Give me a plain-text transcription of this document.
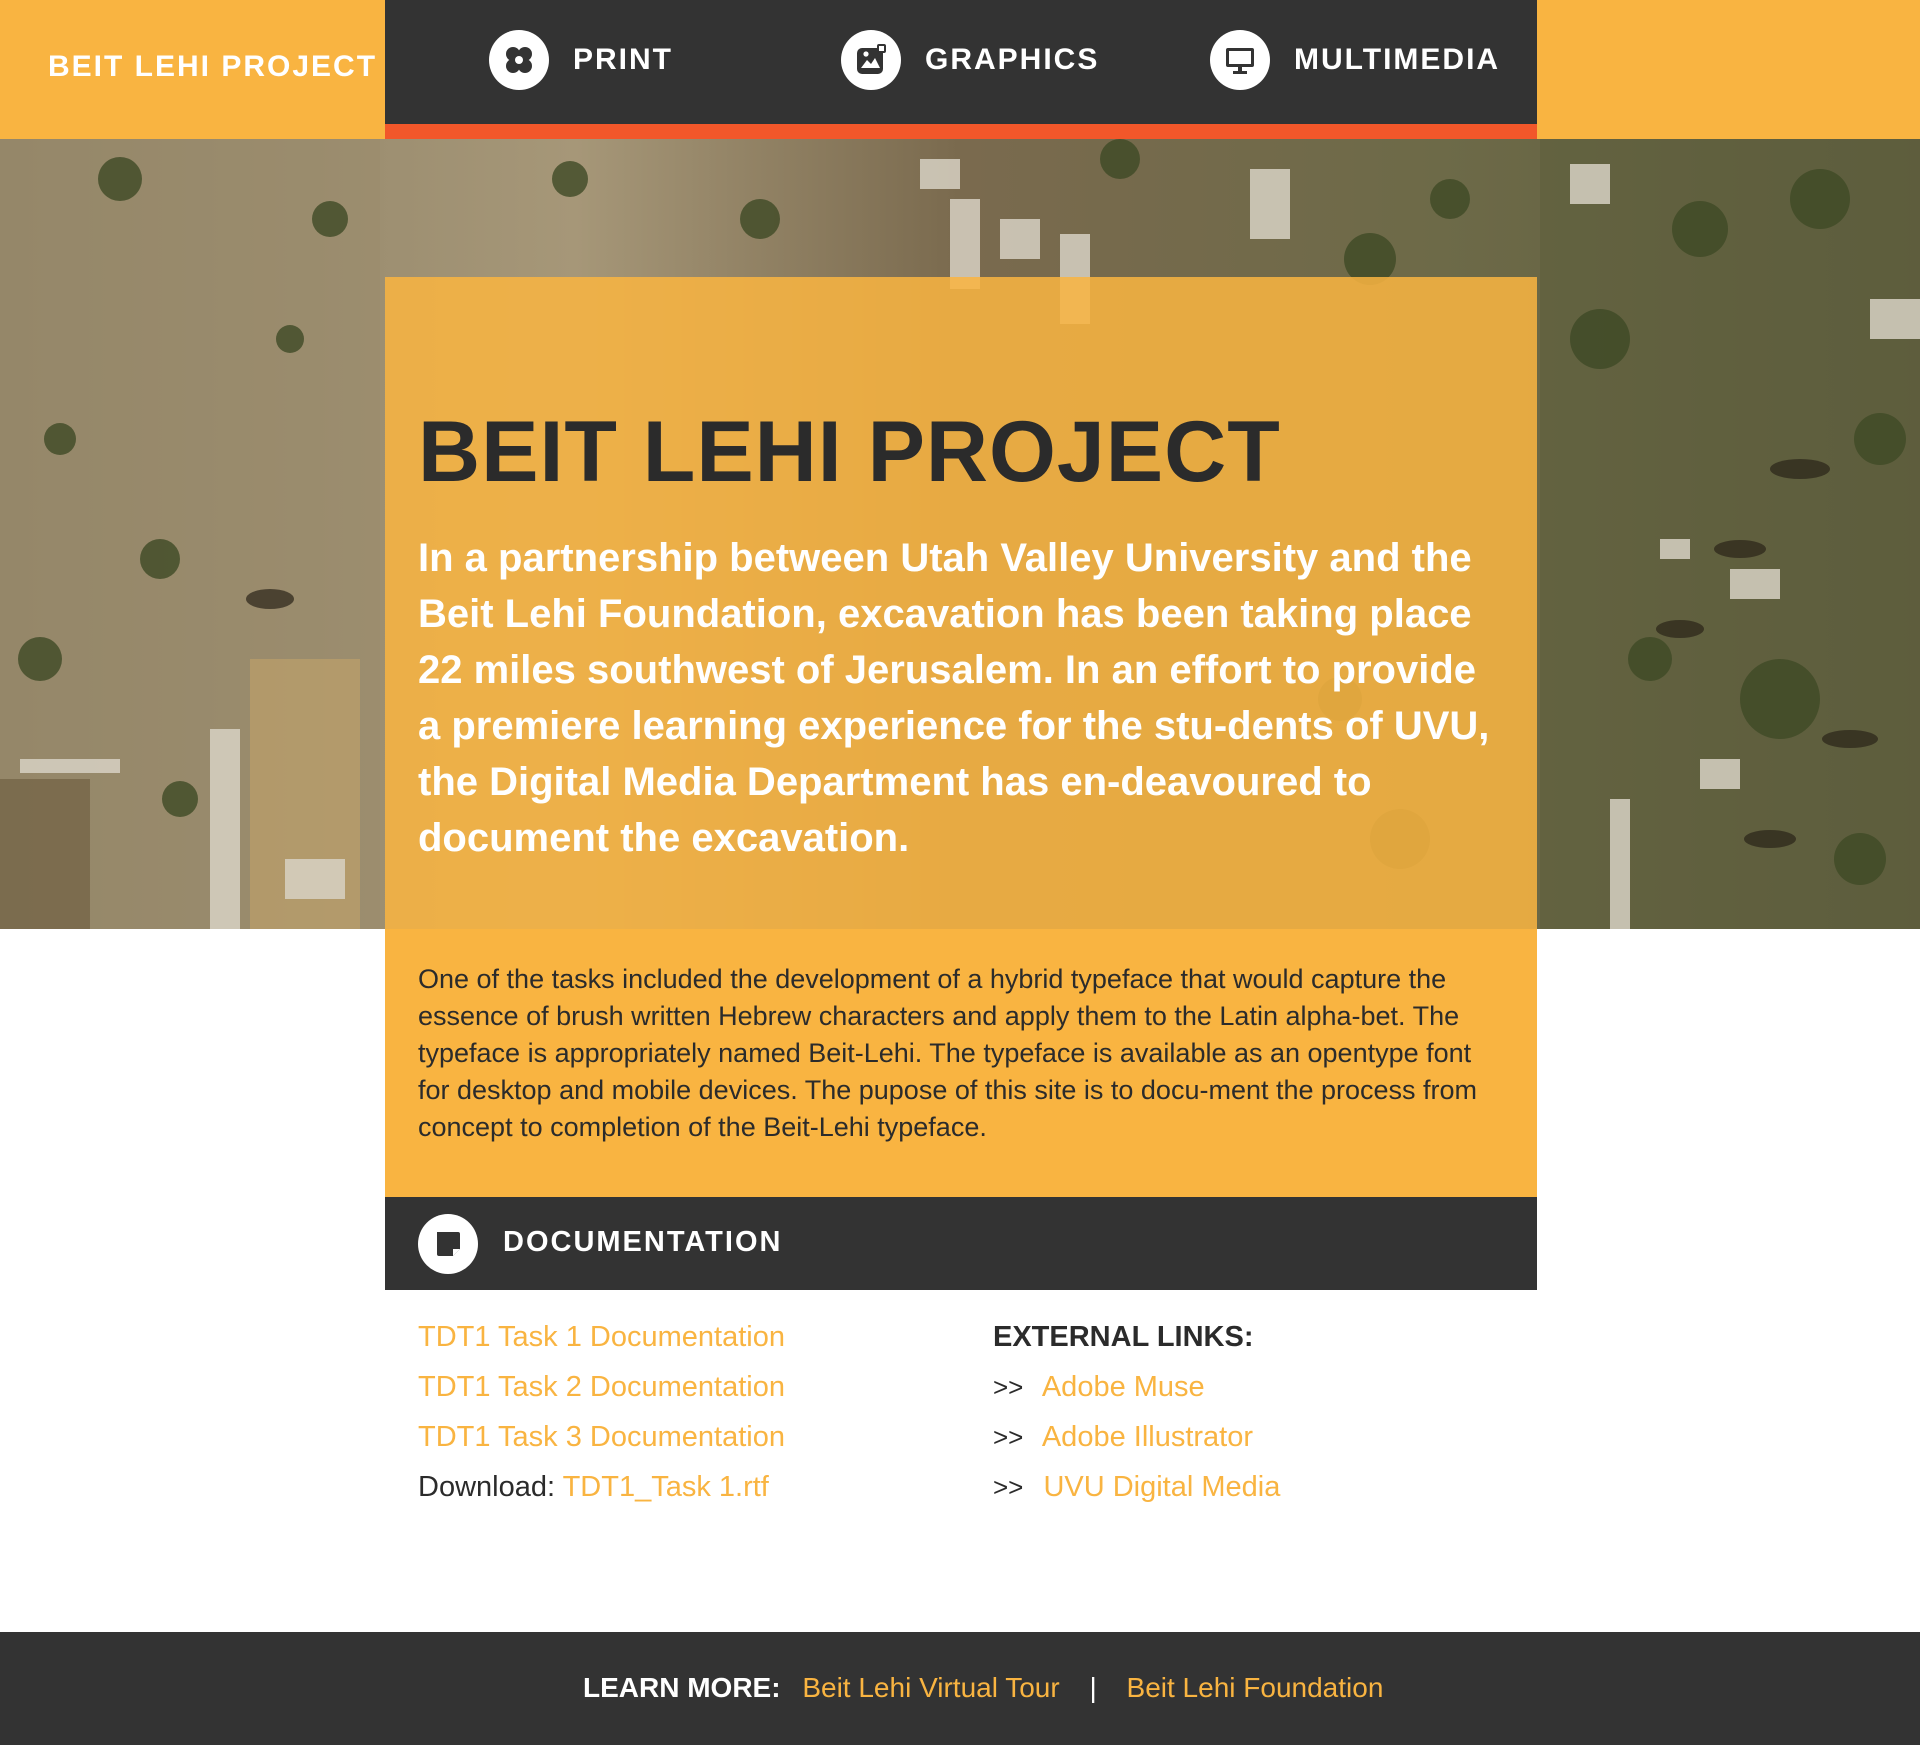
BEIT LEHI PROJECT	PRINT	GRAPHICS	MULTIMEDIA
BEIT LEHI PROJECT

In a partnership between Utah Valley University and the Beit Lehi Foundation, excavation has been taking place 22 miles southwest of Jerusalem. In an effort to provide a premiere learning experience for the stu-dents of UVU, the Digital Media Department has en-deavoured to document the excavation.

One of the tasks included the development of a hybrid typeface that would capture the essence of brush written Hebrew characters and apply them to the Latin alpha-bet. The typeface is appropriately named Beit-Lehi. The typeface is available as an opentype font for desktop and mobile devices. The pupose of this site is to docu-ment the process from concept to completion of the Beit-Lehi typeface.

DOCUMENTATION
TDT1 Task 1 Documentation
TDT1 Task 2 Documentation
TDT1 Task 3 Documentation
Download: TDT1_Task 1.rtf
EXTERNAL LINKS:
>> Adobe Muse
>> Adobe Illustrator
>> UVU Digital Media
LEARN MORE: Beit Lehi Virtual Tour | Beit Lehi Foundation
